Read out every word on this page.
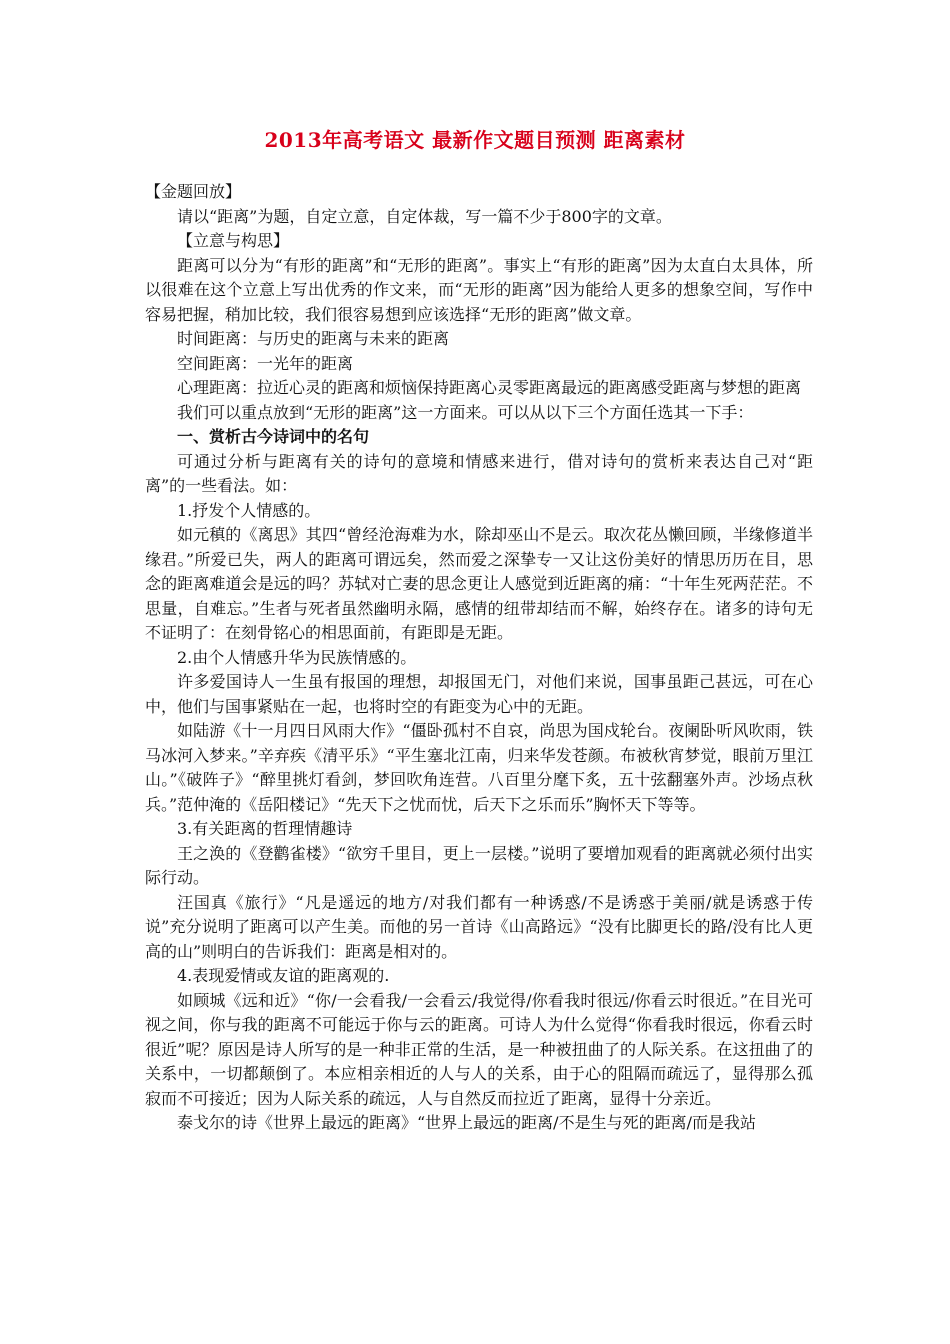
2013年高考语文 最新作文题目预测 距离素材

【金题回放】

请以“距离”为题，自定立意，自定体裁，写一篇不少于800字的文章。

【立意与构思】

距离可以分为“有形的距离”和“无形的距离”。事实上“有形的距离”因为太直白太具体，所以很难在这个立意上写出优秀的作文来，而“无形的距离”因为能给人更多的想象空间，写作中容易把握，稍加比较，我们很容易想到应该选择“无形的距离”做文章。

时间距离：与历史的距离与未来的距离

空间距离：一光年的距离

心理距离：拉近心灵的距离和烦恼保持距离心灵零距离最远的距离感受距离与梦想的距离

我们可以重点放到“无形的距离”这一方面来。可以从以下三个方面任选其一下手：

一、赏析古今诗词中的名句

可通过分析与距离有关的诗句的意境和情感来进行，借对诗句的赏析来表达自己对“距离”的一些看法。如：

1.抒发个人情感的。

如元稹的《离思》其四“曾经沧海难为水，除却巫山不是云。取次花丛懒回顾，半缘修道半缘君。”所爱已失，两人的距离可谓远矣，然而爱之深挚专一又让这份美好的情思历历在目，思念的距离难道会是远的吗？苏轼对亡妻的思念更让人感觉到近距离的痛：“十年生死两茫茫。不思量，自难忘。”生者与死者虽然幽明永隔，感情的纽带却结而不解，始终存在。诸多的诗句无不证明了：在刻骨铭心的相思面前，有距即是无距。

2.由个人情感升华为民族情感的。

许多爱国诗人一生虽有报国的理想，却报国无门，对他们来说，国事虽距己甚远，可在心中，他们与国事紧贴在一起，也将时空的有距变为心中的无距。

如陆游《十一月四日风雨大作》“僵卧孤村不自哀，尚思为国戍轮台。夜阑卧听风吹雨，铁马冰河入梦来。”辛弃疾《清平乐》“平生塞北江南，归来华发苍颜。布被秋宵梦觉，眼前万里江山。”《破阵子》“醉里挑灯看剑，梦回吹角连营。八百里分麾下炙，五十弦翻塞外声。沙场点秋兵。”范仲淹的《岳阳楼记》“先天下之忧而忧，后天下之乐而乐”胸怀天下等等。

3.有关距离的哲理情趣诗

王之涣的《登鹳雀楼》“欲穷千里目，更上一层楼。”说明了要增加观看的距离就必须付出实际行动。

汪国真《旅行》“凡是遥远的地方/对我们都有一种诱惑/不是诱惑于美丽/就是诱惑于传说”充分说明了距离可以产生美。而他的另一首诗《山高路远》“没有比脚更长的路/没有比人更高的山”则明白的告诉我们：距离是相对的。

4.表现爱情或友谊的距离观的.

如顾城《远和近》“你/一会看我/一会看云/我觉得/你看我时很远/你看云时很近。”在目光可视之间，你与我的距离不可能远于你与云的距离。可诗人为什么觉得“你看我时很远，你看云时很近”呢？原因是诗人所写的是一种非正常的生活，是一种被扭曲了的人际关系。在这扭曲了的关系中，一切都颠倒了。本应相亲相近的人与人的关系，由于心的阻隔而疏远了，显得那么孤寂而不可接近；因为人际关系的疏远，人与自然反而拉近了距离，显得十分亲近。

泰戈尔的诗《世界上最远的距离》“世界上最远的距离/不是生与死的距离/而是我站
